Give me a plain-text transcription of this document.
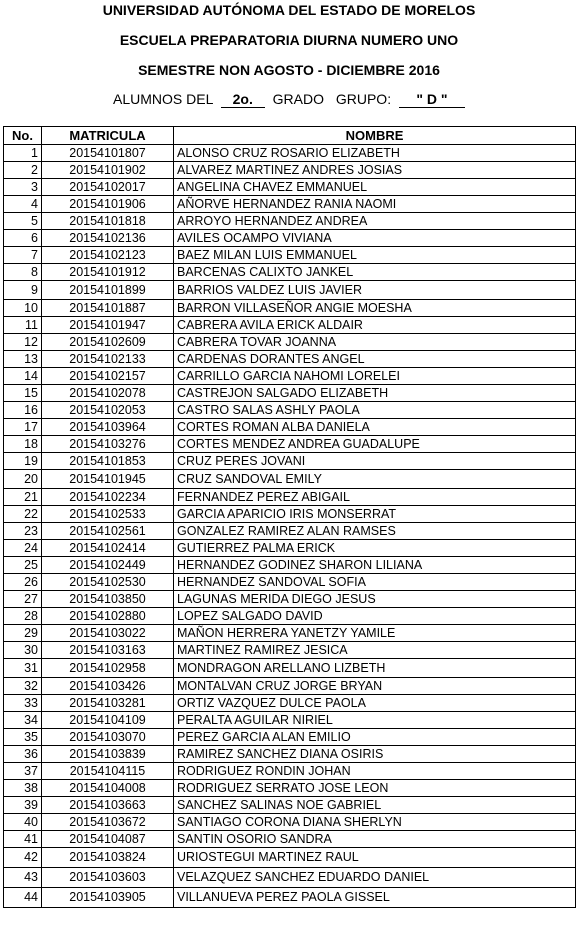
UNIVERSIDAD AUTÓNOMA DEL ESTADO DE MORELOS
ESCUELA PREPARATORIA DIURNA NUMERO UNO
SEMESTRE NON AGOSTO - DICIEMBRE 2016
ALUMNOS DEL 2o. GRADO GRUPO: " D "
No.	MATRICULA	NOMBRE
1	20154101807	ALONSO CRUZ ROSARIO ELIZABETH
2	20154101902	ALVAREZ MARTINEZ ANDRES JOSIAS
3	20154102017	ANGELINA CHAVEZ EMMANUEL
4	20154101906	AÑORVE HERNANDEZ RANIA NAOMI
5	20154101818	ARROYO HERNANDEZ ANDREA
6	20154102136	AVILES OCAMPO VIVIANA
7	20154102123	BAEZ MILAN LUIS EMMANUEL
8	20154101912	BARCENAS CALIXTO JANKEL
9	20154101899	BARRIOS VALDEZ LUIS JAVIER
10	20154101887	BARRON VILLASEÑOR ANGIE MOESHA
11	20154101947	CABRERA AVILA ERICK ALDAIR
12	20154102609	CABRERA TOVAR JOANNA
13	20154102133	CARDENAS DORANTES ANGEL
14	20154102157	CARRILLO GARCIA NAHOMI LORELEI
15	20154102078	CASTREJON SALGADO ELIZABETH
16	20154102053	CASTRO SALAS ASHLY PAOLA
17	20154103964	CORTES ROMAN ALBA DANIELA
18	20154103276	CORTES MENDEZ ANDREA GUADALUPE
19	20154101853	CRUZ PERES JOVANI
20	20154101945	CRUZ SANDOVAL EMILY
21	20154102234	FERNANDEZ PEREZ ABIGAIL
22	20154102533	GARCIA APARICIO IRIS MONSERRAT
23	20154102561	GONZALEZ RAMIREZ ALAN RAMSES
24	20154102414	GUTIERREZ PALMA ERICK
25	20154102449	HERNANDEZ GODINEZ SHARON LILIANA
26	20154102530	HERNANDEZ SANDOVAL SOFIA
27	20154103850	LAGUNAS MERIDA DIEGO JESUS
28	20154102880	LOPEZ SALGADO DAVID
29	20154103022	MAÑON HERRERA YANETZY YAMILE
30	20154103163	MARTINEZ RAMIREZ JESICA
31	20154102958	MONDRAGON ARELLANO LIZBETH
32	20154103426	MONTALVAN CRUZ JORGE BRYAN
33	20154103281	ORTIZ VAZQUEZ DULCE PAOLA
34	20154104109	PERALTA AGUILAR NIRIEL
35	20154103070	PEREZ GARCIA ALAN EMILIO
36	20154103839	RAMIREZ SANCHEZ DIANA OSIRIS
37	20154104115	RODRIGUEZ RONDIN JOHAN
38	20154104008	RODRIGUEZ SERRATO JOSE LEON
39	20154103663	SANCHEZ SALINAS NOE GABRIEL
40	20154103672	SANTIAGO CORONA DIANA SHERLYN
41	20154104087	SANTIN OSORIO SANDRA
42	20154103824	URIOSTEGUI MARTINEZ RAUL
43	20154103603	VELAZQUEZ SANCHEZ EDUARDO DANIEL
44	20154103905	VILLANUEVA PEREZ PAOLA GISSEL
